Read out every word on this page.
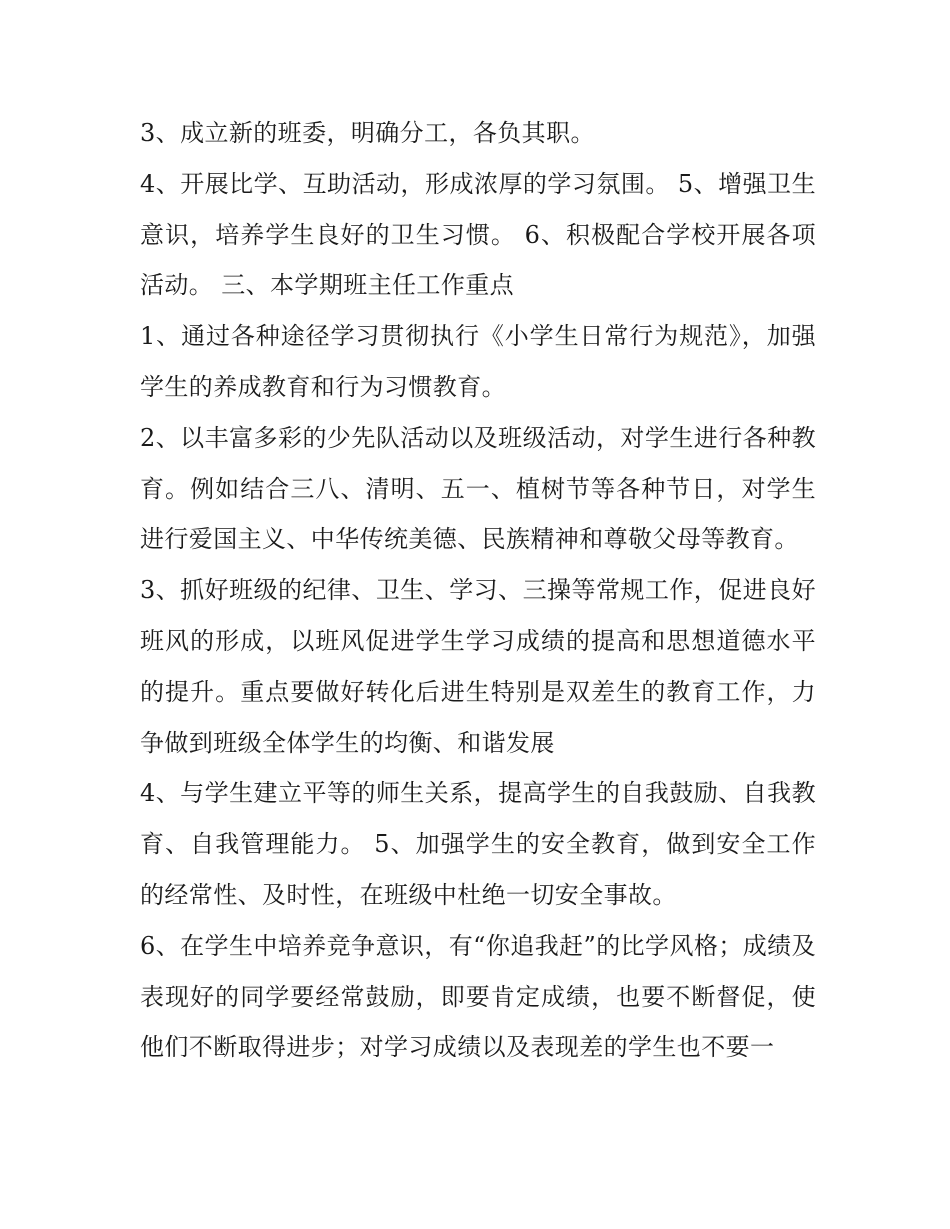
3、成立新的班委，明确分工，各负其职。

4、开展比学、互助活动，形成浓厚的学习氛围。 5、增强卫生意识，培养学生良好的卫生习惯。 6、积极配合学校开展各项活动。 三、本学期班主任工作重点

1、通过各种途径学习贯彻执行《小学生日常行为规范》，加强学生的养成教育和行为习惯教育。

2、以丰富多彩的少先队活动以及班级活动，对学生进行各种教育。例如结合三八、清明、五一、植树节等各种节日，对学生进行爱国主义、中华传统美德、民族精神和尊敬父母等教育。

3、抓好班级的纪律、卫生、学习、三操等常规工作，促进良好班风的形成，以班风促进学生学习成绩的提高和思想道德水平的提升。重点要做好转化后进生特别是双差生的教育工作，力争做到班级全体学生的均衡、和谐发展

4、与学生建立平等的师生关系，提高学生的自我鼓励、自我教育、自我管理能力。 5、加强学生的安全教育，做到安全工作的经常性、及时性，在班级中杜绝一切安全事故。

6、在学生中培养竞争意识，有“你追我赶”的比学风格；成绩及表现好的同学要经常鼓励，即要肯定成绩，也要不断督促，使他们不断取得进步；对学习成绩以及表现差的学生也不要一
